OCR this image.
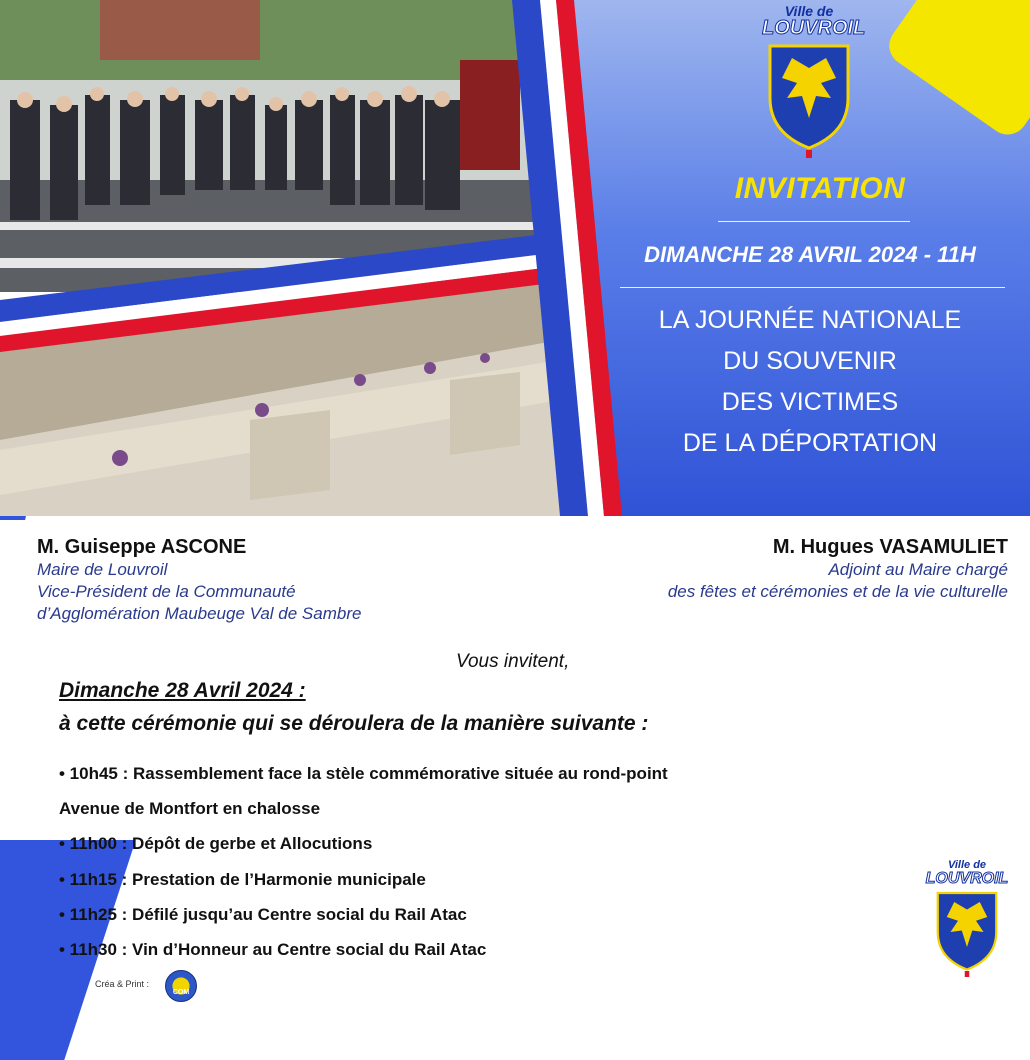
Ville de
LOUVROIL
INVITATION
DIMANCHE 28 AVRIL 2024 - 11H
LA JOURNÉE NATIONALE
DU SOUVENIR
DES VICTIMES
DE LA DÉPORTATION
M. Guiseppe ASCONE
Maire de Louvroil
Vice-Président de la Communauté
d’Agglomération Maubeuge Val de Sambre
M. Hugues VASAMULIET
Adjoint au Maire chargé
des fêtes et cérémonies et de la vie culturelle
Vous invitent,
Dimanche 28 Avril 2024 :
à cette cérémonie qui se déroulera de la manière suivante :
• 10h45 : Rassemblement face la stèle commémorative située au rond-point
Avenue de Montfort en chalosse
• 11h00 : Dépôt de gerbe et Allocutions
• 11h15 : Prestation de l’Harmonie municipale
• 11h25 : Défilé jusqu’au Centre social du Rail Atac
• 11h30 : Vin d’Honneur au Centre social du Rail Atac
Ville de
LOUVROIL
Créa & Print :
COM
